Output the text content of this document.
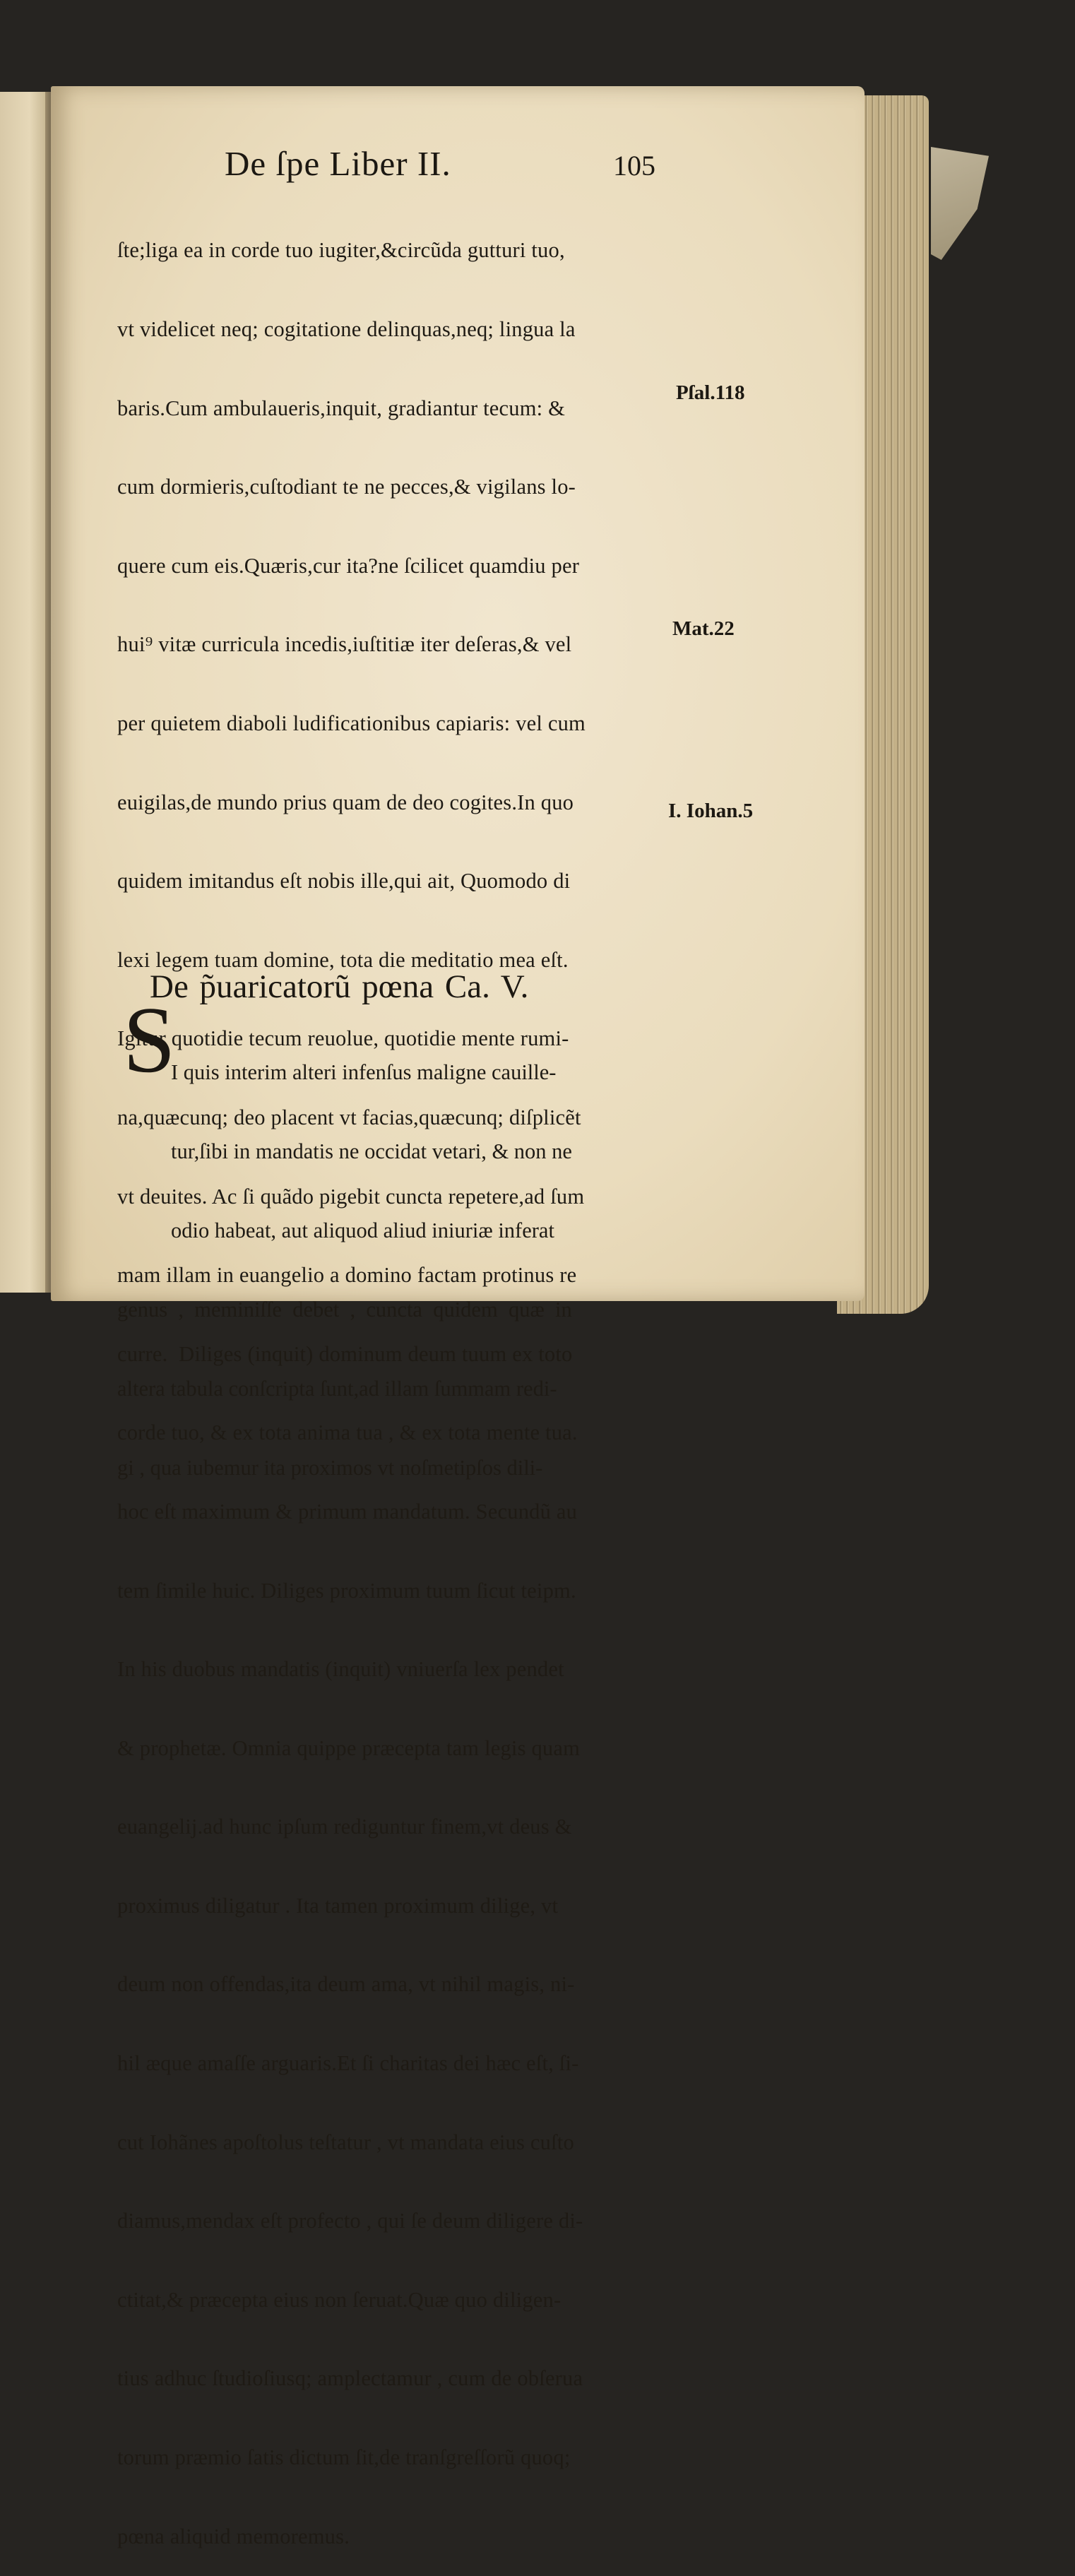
De ſpe Liber II.	105

ſte;liga ea in corde tuo iugiter,&circũda gutturi tuo,

vt videlicet neq; cogitatione delinquas,neq; lingua la

baris.Cum ambulaueris,inquit, gradiantur tecum: &

cum dormieris,cuſtodiant te ne pecces,& vigilans lo-

quere cum eis.Quæris,cur ita?ne ſcilicet quamdiu per

hui⁹ vitæ curricula incedis,iuſtitiæ iter deſeras,& vel

per quietem diaboli ludificationibus capiaris: vel cum

euigilas,de mundo prius quam de deo cogites.In quo

quidem imitandus eſt nobis ille,qui ait, Quomodo di

lexi legem tuam domine, tota die meditatio mea eſt.

Igitur quotidie tecum reuolue, quotidie mente rumi-

na,quæcunq; deo placent vt facias,quæcunq; diſplicẽt

vt deuites. Ac ſi quãdo pigebit cuncta repetere,ad ſum

mam illam in euangelio a domino factam protinus re

curre.  Diliges (inquit) dominum deum tuum ex toto

corde tuo, & ex tota anima tua , & ex tota mente tua.

hoc eſt maximum & primum mandatum. Secundũ au

tem ſimile huic. Diliges proximum tuum ſicut teipm.

In his duobus mandatis (inquit) vniuerſa lex pendet

& prophetæ. Omnia quippe præcepta tam legis quam

euangelij.ad hunc ipſum rediguntur finem,vt deus &

proximus diligatur . Ita tamen proximum dilige, vt

deum non offendas,ita deum ama, vt nihil magis, ni-

hil æque amaſſe arguaris.Et ſi charitas dei hæc eſt, ſi-

cut Iohãnes apoſtolus teſtatur , vt mandata eius cuſto

diamus,mendax eſt profecto , qui ſe deum diligere di-

ctitat,& præcepta eius non ſeruat.Quæ quo diligen-

tius adhuc ſtudioſiusq; amplectamur , cum de obſerua

torum præmio ſatis dictum ſit,de tranſgreſſorũ quoq;

pœna aliquid memoremus.

De p̃uaricatorũ pœna Ca. V.
S

I quis interim alteri infenſus maligne cauille-

tur,ſibi in mandatis ne occidat vetari, & non ne

odio habeat, aut aliquod aliud iniuriæ inferat

genus  ,  meminiſſe  debet  ,  cuncta  quidem  quæ  in

altera tabula conſcripta ſunt,ad illam ſummam redi-

gi , qua iubemur ita proximos vt noſmetipſos dili-

Pſal.118
Mat.22
I. Iohan.5
